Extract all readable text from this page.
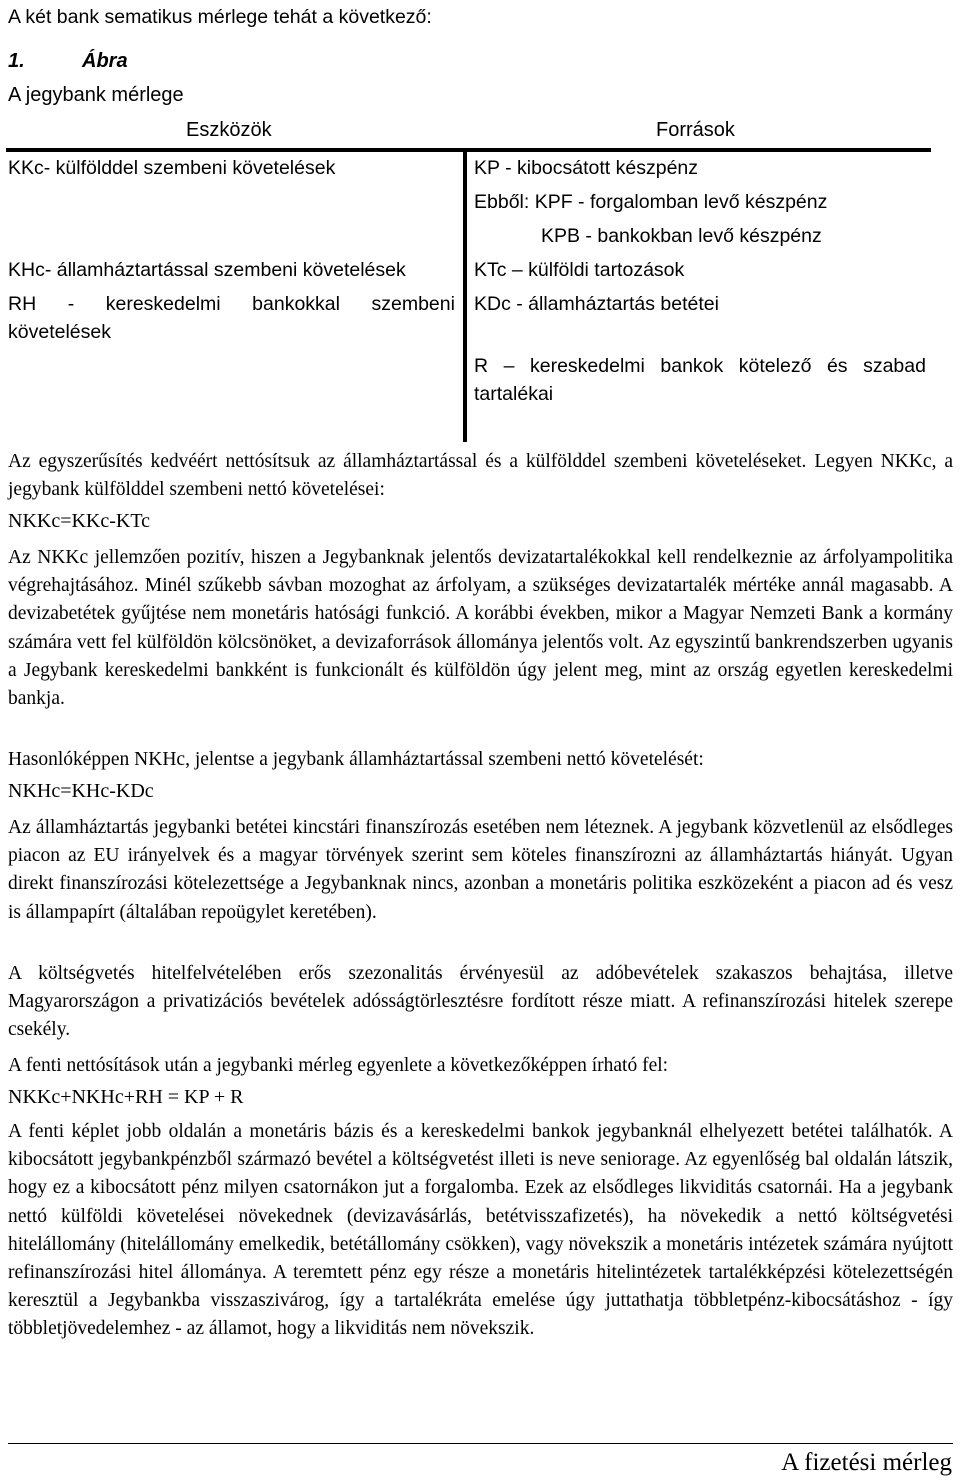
A két bank sematikus mérlege tehát a következő:
1.	Ábra
A jegybank mérlege
Eszközök	Források
KKc- külfölddel szembeni követelések
KHc- államháztartással szembeni követelések
RH - kereskedelmi bankokkal szembeni
követelések
KP - kibocsátott készpénz
Ebből: KPF - forgalomban levő készpénz
KPB - bankokban levő készpénz
KTc – külföldi tartozások
KDc - államháztartás betétei
R – kereskedelmi bankok kötelező és szabad
tartalékai

Az egyszerűsítés kedvéért nettósítsuk az államháztartással és a külfölddel szembeni követeléseket. Legyen NKKc, a jegybank külfölddel szembeni nettó követelései:

NKKc=KKc-KTc

Az NKKc jellemzően pozitív, hiszen a Jegybanknak jelentős devizatartalékokkal kell rendelkeznie az árfolyampolitika végrehajtásához. Minél szűkebb sávban mozoghat az árfolyam, a szükséges devizatartalék mértéke annál magasabb. A devizabetétek gyűjtése nem monetáris hatósági funkció. A korábbi években, mikor a Magyar Nemzeti Bank a kormány számára vett fel külföldön kölcsönöket, a devizaforrások állománya jelentős volt. Az egyszintű bankrendszerben ugyanis a Jegybank kereskedelmi bankként is funkcionált és külföldön úgy jelent meg, mint az ország egyetlen kereskedelmi bankja.

Hasonlóképpen NKHc, jelentse a jegybank államháztartással szembeni nettó követelését:

NKHc=KHc-KDc

Az államháztartás jegybanki betétei kincstári finanszírozás esetében nem léteznek. A jegybank közvetlenül az elsődleges piacon az EU irányelvek és a magyar törvények szerint sem köteles finanszírozni az államháztartás hiányát. Ugyan direkt finanszírozási kötelezettsége a Jegybanknak nincs, azonban a monetáris politika eszközeként a piacon ad és vesz is állampapírt (általában repoügylet keretében).

A költségvetés hitelfelvételében erős szezonalitás érvényesül az adóbevételek szakaszos behajtása, illetve Magyarországon a privatizációs bevételek adósságtörlesztésre fordított része miatt. A refinanszírozási hitelek szerepe csekély.

A fenti nettósítások után a jegybanki mérleg egyenlete a következőképpen írható fel:

NKKc+NKHc+RH = KP + R

A fenti képlet jobb oldalán a monetáris bázis és a kereskedelmi bankok jegybanknál elhelyezett betétei találhatók. A kibocsátott jegybankpénzből származó bevétel a költségvetést illeti is neve seniorage. Az egyenlőség bal oldalán látszik, hogy ez a kibocsátott pénz milyen csatornákon jut a forgalomba. Ezek az elsődleges likviditás csatornái. Ha a jegybank nettó külföldi követelései növekednek (devizavásárlás, betétvisszafizetés), ha növekedik a nettó költségvetési hitelállomány (hitelállomány emelkedik, betétállomány csökken), vagy növekszik a monetáris intézetek számára nyújtott refinanszírozási hitel állománya. A teremtett pénz egy része a monetáris hitelintézetek tartalékképzési kötelezettségén keresztül a Jegybankba visszaszivárog, így a tartalékráta emelése úgy juttathatja többletpénz-kibocsátáshoz - így többletjövedelemhez - az államot, hogy a likviditás nem növekszik.

A fizetési mérleg
